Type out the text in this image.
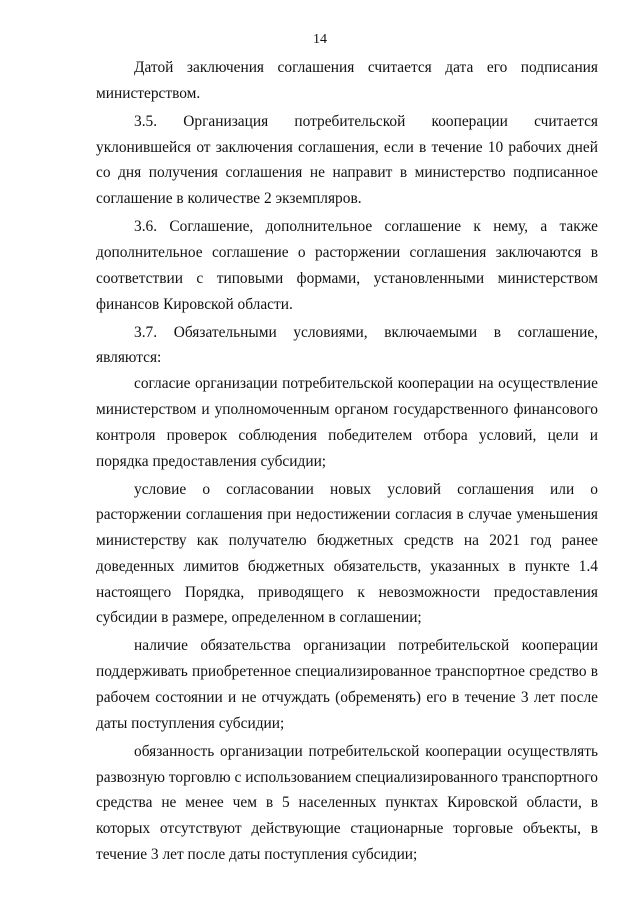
14

Датой заключения соглашения считается дата его подписания министерством.

3.5. Организация потребительской кооперации считается уклонившейся от заключения соглашения, если в течение 10 рабочих дней со дня получения соглашения не направит в министерство подписанное соглашение в количестве 2 экземпляров.

3.6. Соглашение, дополнительное соглашение к нему, а также дополнительное соглашение о расторжении соглашения заключаются в соответствии с типовыми формами, установленными министерством финансов Кировской области.

3.7. Обязательными условиями, включаемыми в соглашение, являются:

согласие организации потребительской кооперации на осуществление министерством и уполномоченным органом государственного финансового контроля проверок соблюдения победителем отбора условий, цели и порядка предоставления субсидии;

условие о согласовании новых условий соглашения или о расторжении соглашения при недостижении согласия в случае уменьшения министерству как получателю бюджетных средств на 2021 год ранее доведенных лимитов бюджетных обязательств, указанных в пункте 1.4 настоящего Порядка, приводящего к невозможности предоставления субсидии в размере, определенном в соглашении;

наличие обязательства организации потребительской кооперации поддерживать приобретенное специализированное транспортное средство в рабочем состоянии и не отчуждать (обременять) его в течение 3 лет после даты поступления субсидии;

обязанность организации потребительской кооперации осуществлять развозную торговлю с использованием специализированного транспортного средства не менее чем в 5 населенных пунктах Кировской области, в которых отсутствуют действующие стационарные торговые объекты, в течение 3 лет после даты поступления субсидии;
